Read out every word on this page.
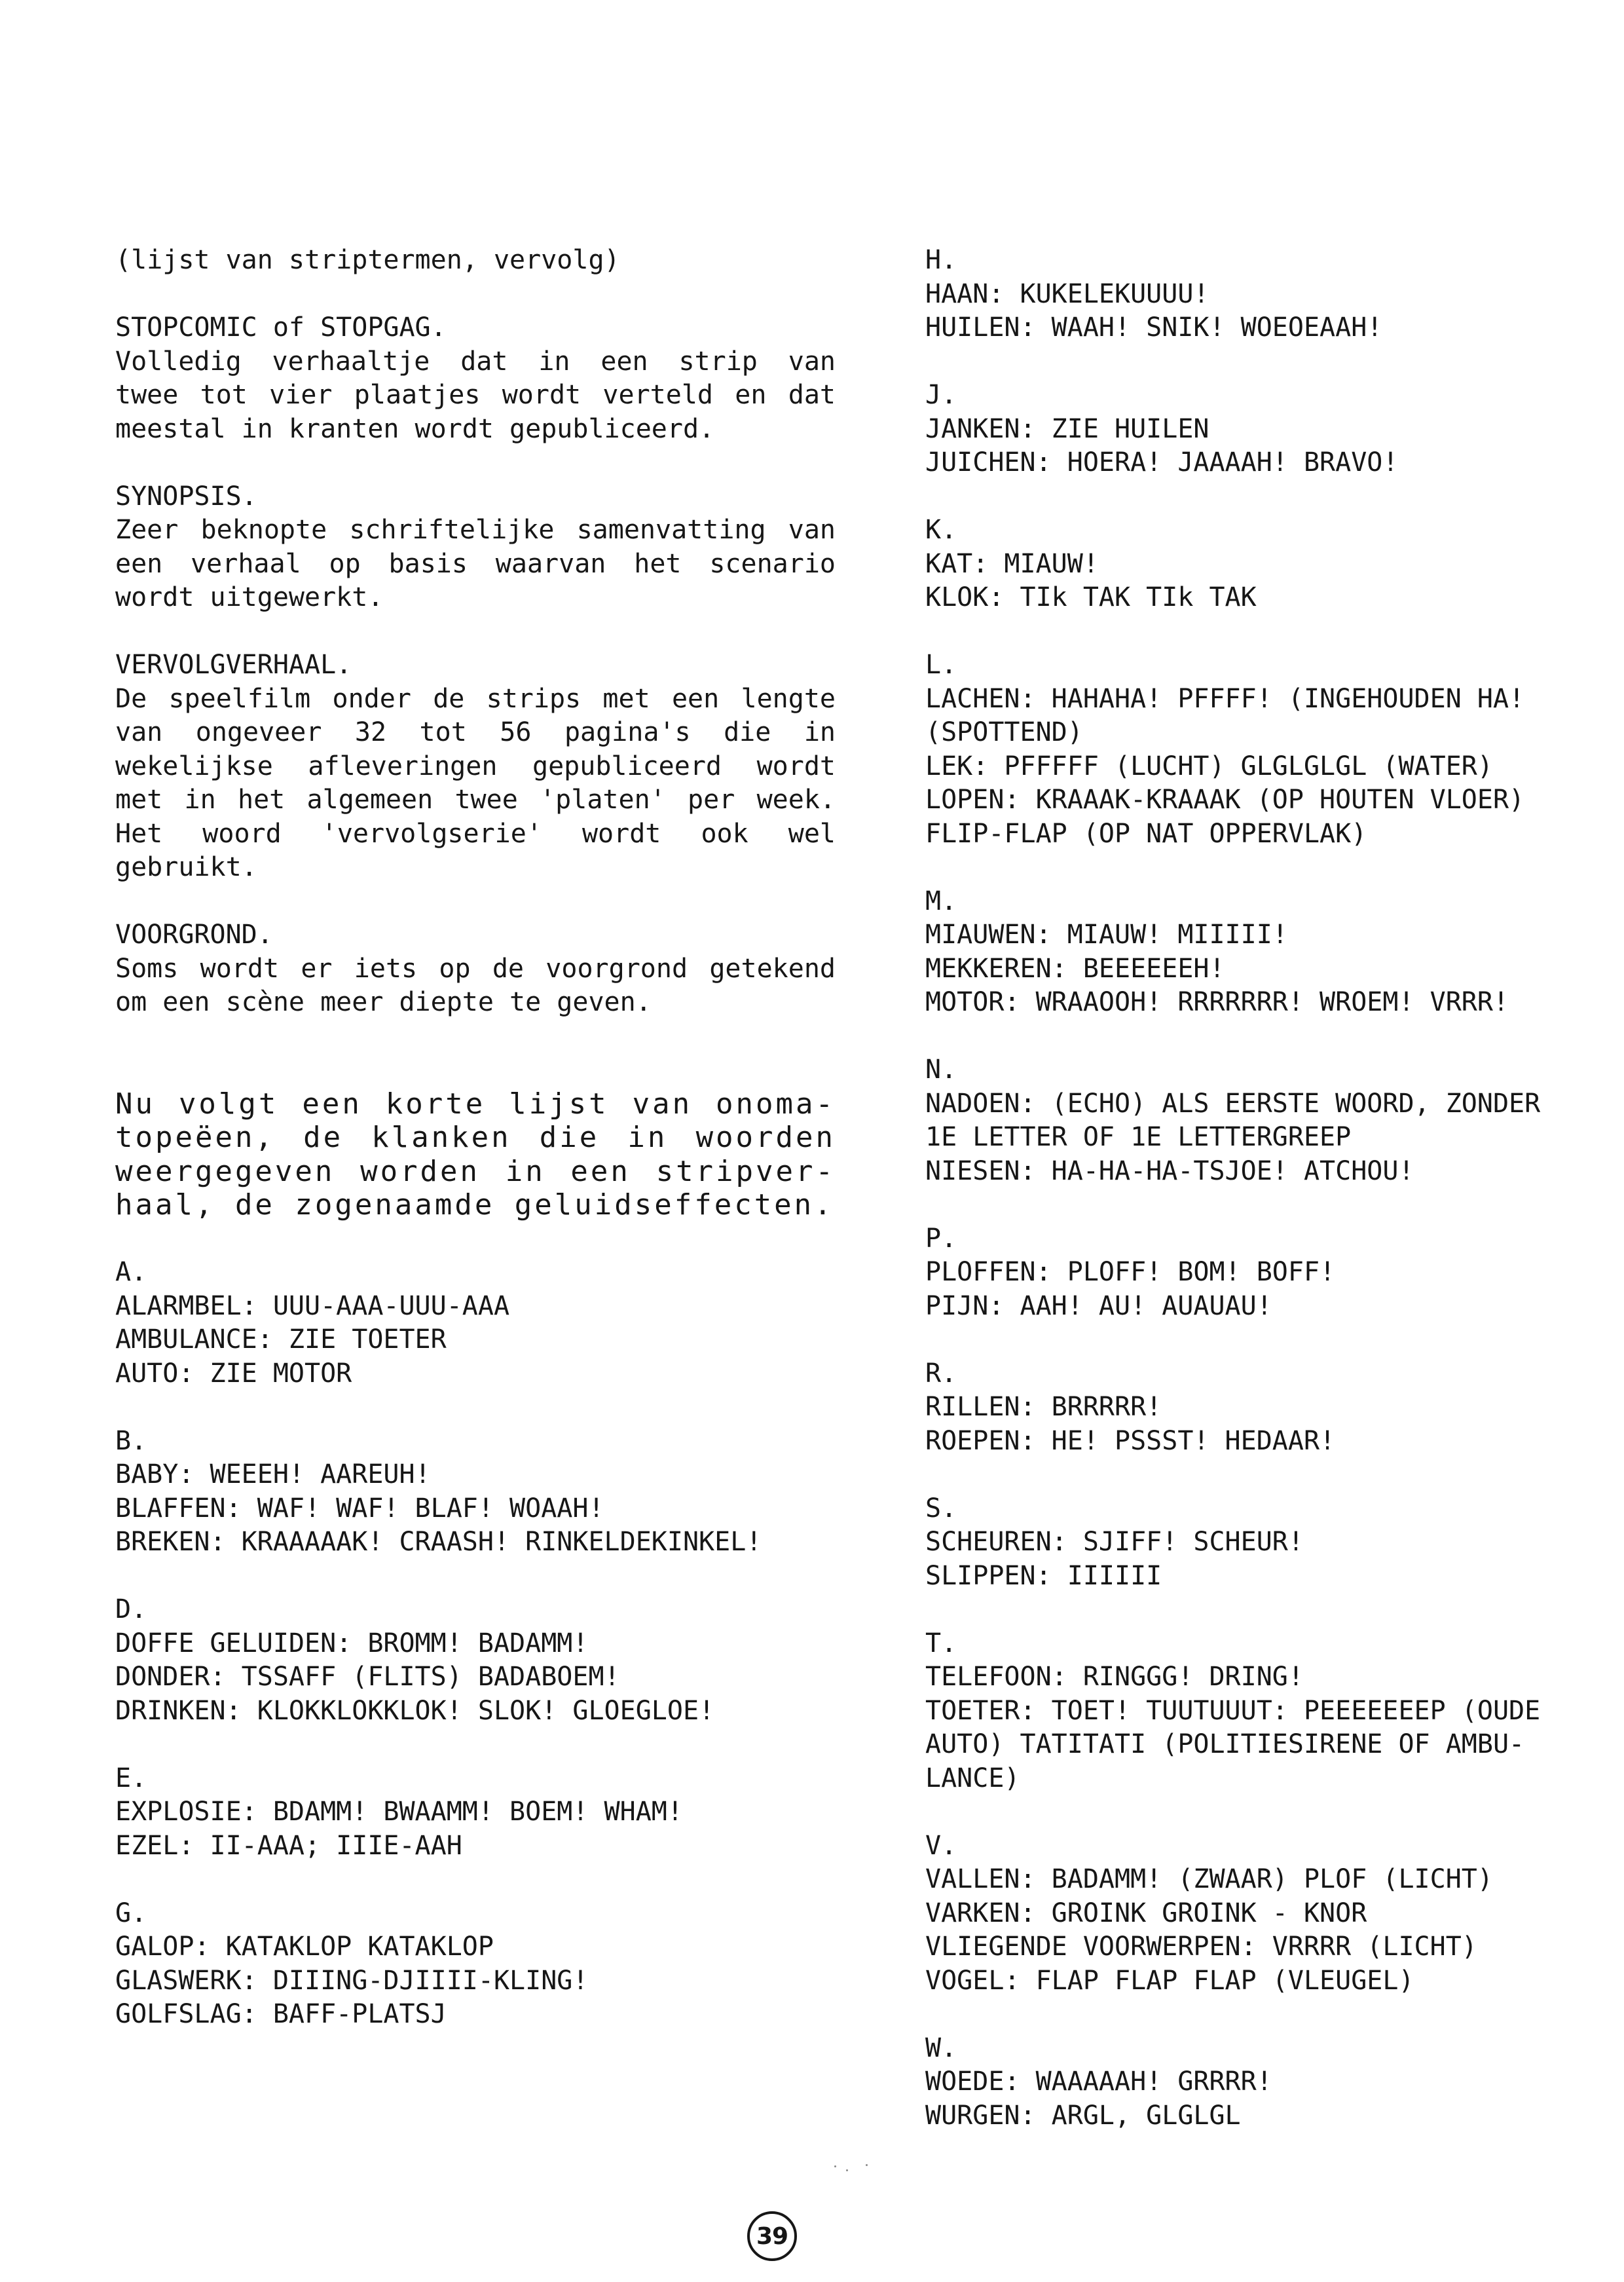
(lijst van striptermen, vervolg)
STOPCOMIC of STOPGAG.
Volledig verhaaltje dat in een strip van
twee tot vier plaatjes wordt verteld en dat
meestal in kranten wordt gepubliceerd.
SYNOPSIS.
Zeer beknopte schriftelijke samenvatting van
een verhaal op basis waarvan het scenario
wordt uitgewerkt.
VERVOLGVERHAAL.
De speelfilm onder de strips met een lengte
van ongeveer 32 tot 56 pagina's die in
wekelijkse afleveringen gepubliceerd wordt
met in het algemeen twee 'platen' per week.
Het woord 'vervolgserie' wordt ook wel
gebruikt.
VOORGROND.
Soms wordt er iets op de voorgrond getekend
om een scène meer diepte te geven.
Nu volgt een korte lijst van onoma-
topeëen, de klanken die in woorden
weergegeven worden in een stripver-
haal, de zogenaamde geluidseffecten.
A.
ALARMBEL: UUU-AAA-UUU-AAA
AMBULANCE: ZIE TOETER
AUTO: ZIE MOTOR
B.
BABY: WEEEH! AAREUH!
BLAFFEN: WAF! WAF! BLAF! WOAAH!
BREKEN: KRAAAAAK! CRAASH! RINKELDEKINKEL!
D.
DOFFE GELUIDEN: BROMM! BADAMM!
DONDER: TSSAFF (FLITS) BADABOEM!
DRINKEN: KLOKKLOKKLOK! SLOK! GLOEGLOE!
E.
EXPLOSIE: BDAMM! BWAAMM! BOEM! WHAM!
EZEL: II-AAA; IIIE-AAH
G.
GALOP: KATAKLOP KATAKLOP
GLASWERK: DIIING-DJIIII-KLING!
GOLFSLAG: BAFF-PLATSJ
H.
HAAN: KUKELEKUUUU!
HUILEN: WAAH! SNIK! WOEOEAAH!
J.
JANKEN: ZIE HUILEN
JUICHEN: HOERA! JAAAAH! BRAVO!
K.
KAT: MIAUW!
KLOK: TIk TAK TIk TAK
L.
LACHEN: HAHAHA! PFFFF! (INGEHOUDEN HA!
(SPOTTEND)
LEK: PFFFFF (LUCHT) GLGLGLGL (WATER)
LOPEN: KRAAAK-KRAAAK (OP HOUTEN VLOER)
FLIP-FLAP (OP NAT OPPERVLAK)
M.
MIAUWEN: MIAUW! MIIIII!
MEKKEREN: BEEEEEEH!
MOTOR: WRAAOOH! RRRRRRR! WROEM! VRRR!
N.
NADOEN: (ECHO) ALS EERSTE WOORD, ZONDER
1E LETTER OF 1E LETTERGREEP
NIESEN: HA-HA-HA-TSJOE! ATCHOU!
P.
PLOFFEN: PLOFF! BOM! BOFF!
PIJN: AAH! AU! AUAUAU!
R.
RILLEN: BRRRRR!
ROEPEN: HE! PSSST! HEDAAR!
S.
SCHEUREN: SJIFF! SCHEUR!
SLIPPEN: IIIIII
T.
TELEFOON: RINGGG! DRING!
TOETER: TOET! TUUTUUUT: PEEEEEEEP (OUDE
AUTO) TATITATI (POLITIESIRENE OF AMBU-
LANCE)
V.
VALLEN: BADAMM! (ZWAAR) PLOF (LICHT)
VARKEN: GROINK GROINK - KNOR
VLIEGENDE VOORWERPEN: VRRRR (LICHT)
VOGEL: FLAP FLAP FLAP (VLEUGEL)
W.
WOEDE: WAAAAAH! GRRRR!
WURGEN: ARGL, GLGLGL
39
